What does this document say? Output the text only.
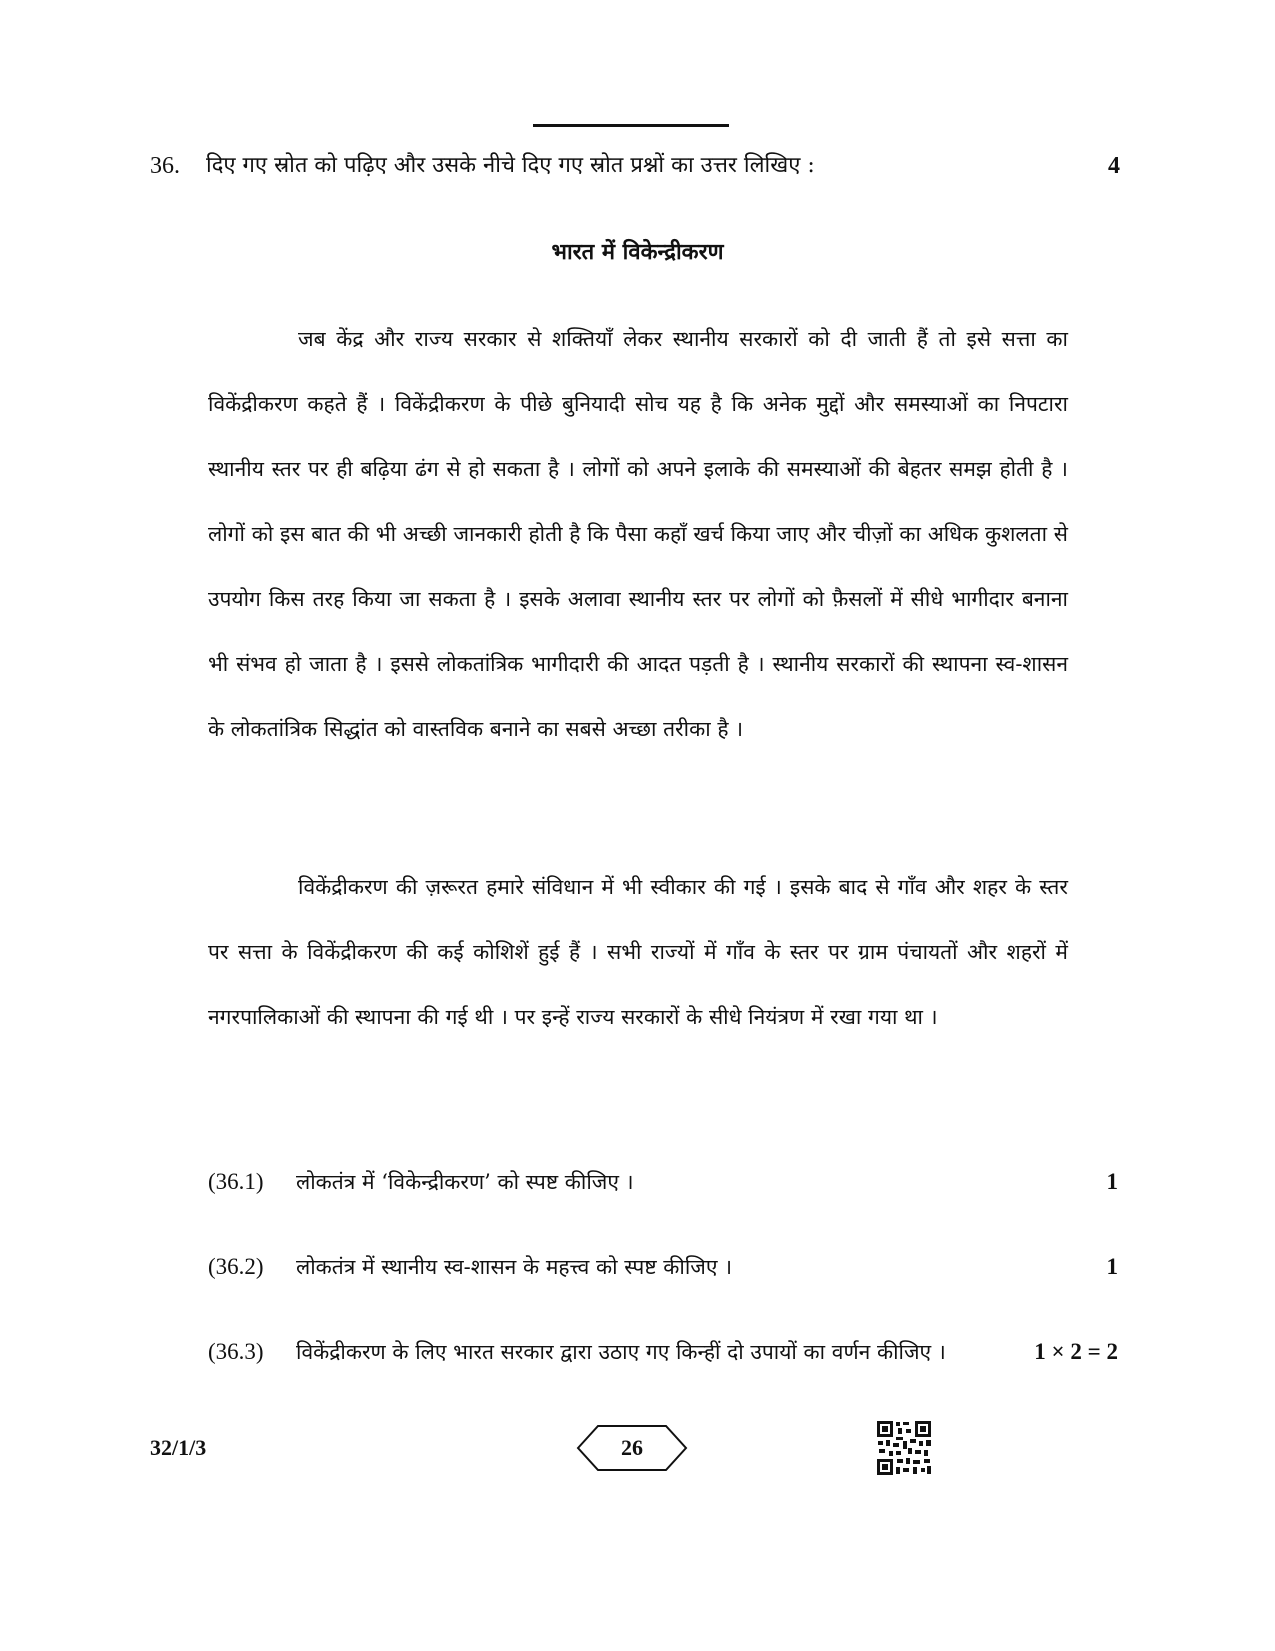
36. दिए गए स्रोत को पढ़िए और उसके नीचे दिए गए स्रोत प्रश्नों का उत्तर लिखिए :	4
भारत में विकेन्द्रीकरण

जब केंद्र और राज्य सरकार से शक्तियाँ लेकर स्थानीय सरकारों को दी जाती हैं तो इसे सत्ता का विकेंद्रीकरण कहते हैं । विकेंद्रीकरण के पीछे बुनियादी सोच यह है कि अनेक मुद्दों और समस्याओं का निपटारा स्थानीय स्तर पर ही बढ़िया ढंग से हो सकता है । लोगों को अपने इलाके की समस्याओं की बेहतर समझ होती है । लोगों को इस बात की भी अच्छी जानकारी होती है कि पैसा कहाँ खर्च किया जाए और चीज़ों का अधिक कुशलता से उपयोग किस तरह किया जा सकता है । इसके अलावा स्थानीय स्तर पर लोगों को फ़ैसलों में सीधे भागीदार बनाना भी संभव हो जाता है । इससे लोकतांत्रिक भागीदारी की आदत पड़ती है । स्थानीय सरकारों की स्थापना स्व-शासन के लोकतांत्रिक सिद्धांत को वास्तविक बनाने का सबसे अच्छा तरीका है ।

विकेंद्रीकरण की ज़रूरत हमारे संविधान में भी स्वीकार की गई । इसके बाद से गाँव और शहर के स्तर पर सत्ता के विकेंद्रीकरण की कई कोशिशें हुई हैं । सभी राज्यों में गाँव के स्तर पर ग्राम पंचायतों और शहरों में नगरपालिकाओं की स्थापना की गई थी । पर इन्हें राज्य सरकारों के सीधे नियंत्रण में रखा गया था ।

(36.1) लोकतंत्र में ‘विकेन्द्रीकरण’ को स्पष्ट कीजिए ।	1
(36.2) लोकतंत्र में स्थानीय स्व-शासन के महत्त्व को स्पष्ट कीजिए ।	1
(36.3) विकेंद्रीकरण के लिए भारत सरकार द्वारा उठाए गए किन्हीं दो उपायों का वर्णन कीजिए ।	1 × 2 = 2
32/1/3	26
